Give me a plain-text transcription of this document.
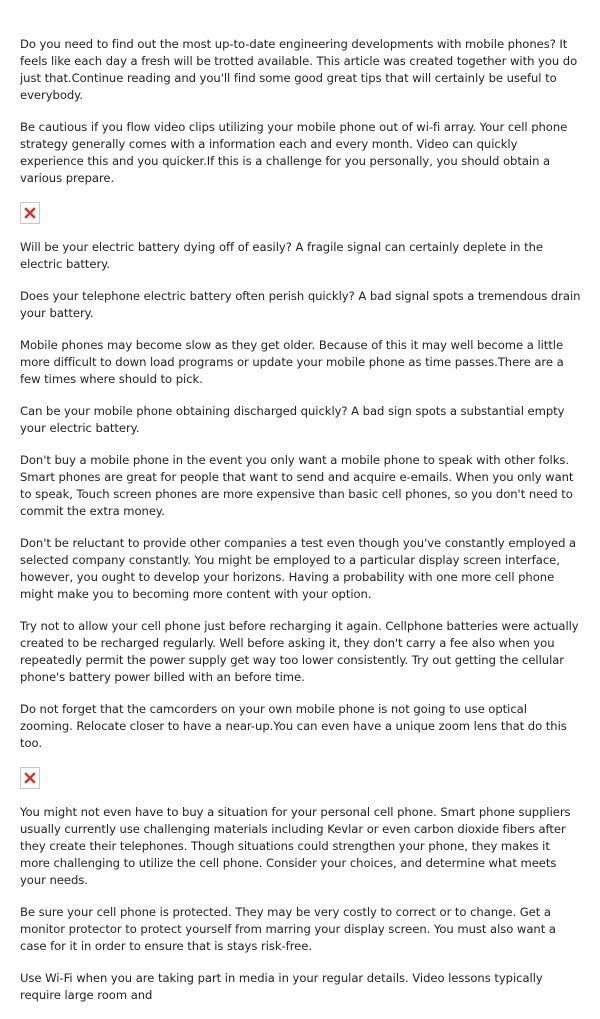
Do you need to find out the most up-to-date engineering developments with mobile phones? It feels like each day a fresh will be trotted available. This article was created together with you do just that.Continue reading and you'll find some good great tips that will certainly be useful to everybody.

Be cautious if you flow video clips utilizing your mobile phone out of wi-fi array. Your cell phone strategy generally comes with a information each and every month. Video can quickly experience this and you quicker.If this is a challenge for you personally, you should obtain a various prepare.

Will be your electric battery dying off of easily? A fragile signal can certainly deplete in the electric battery.

Does your telephone electric battery often perish quickly? A bad signal spots a tremendous drain your battery.

Mobile phones may become slow as they get older. Because of this it may well become a little more difficult to down load programs or update your mobile phone as time passes.There are a few times where should to pick.

Can be your mobile phone obtaining discharged quickly? A bad sign spots a substantial empty your electric battery.

Don't buy a mobile phone in the event you only want a mobile phone to speak with other folks. Smart phones are great for people that want to send and acquire e-emails. When you only want to speak, Touch screen phones are more expensive than basic cell phones, so you don't need to commit the extra money.

Don't be reluctant to provide other companies a test even though you've constantly employed a selected company constantly. You might be employed to a particular display screen interface, however, you ought to develop your horizons. Having a probability with one more cell phone might make you to becoming more content with your option.

Try not to allow your cell phone just before recharging it again. Cellphone batteries were actually created to be recharged regularly. Well before asking it, they don't carry a fee also when you repeatedly permit the power supply get way too lower consistently. Try out getting the cellular phone's battery power billed with an before time.

Do not forget that the camcorders on your own mobile phone is not going to use optical zooming. Relocate closer to have a near-up.You can even have a unique zoom lens that do this too.

You might not even have to buy a situation for your personal cell phone. Smart phone suppliers usually currently use challenging materials including Kevlar or even carbon dioxide fibers after they create their telephones. Though situations could strengthen your phone, they makes it more challenging to utilize the cell phone. Consider your choices, and determine what meets your needs.

Be sure your cell phone is protected. They may be very costly to correct or to change. Get a monitor protector to protect yourself from marring your display screen. You must also want a case for it in order to ensure that is stays risk-free.

Use Wi-Fi when you are taking part in media in your regular details. Video lessons typically require large room and
